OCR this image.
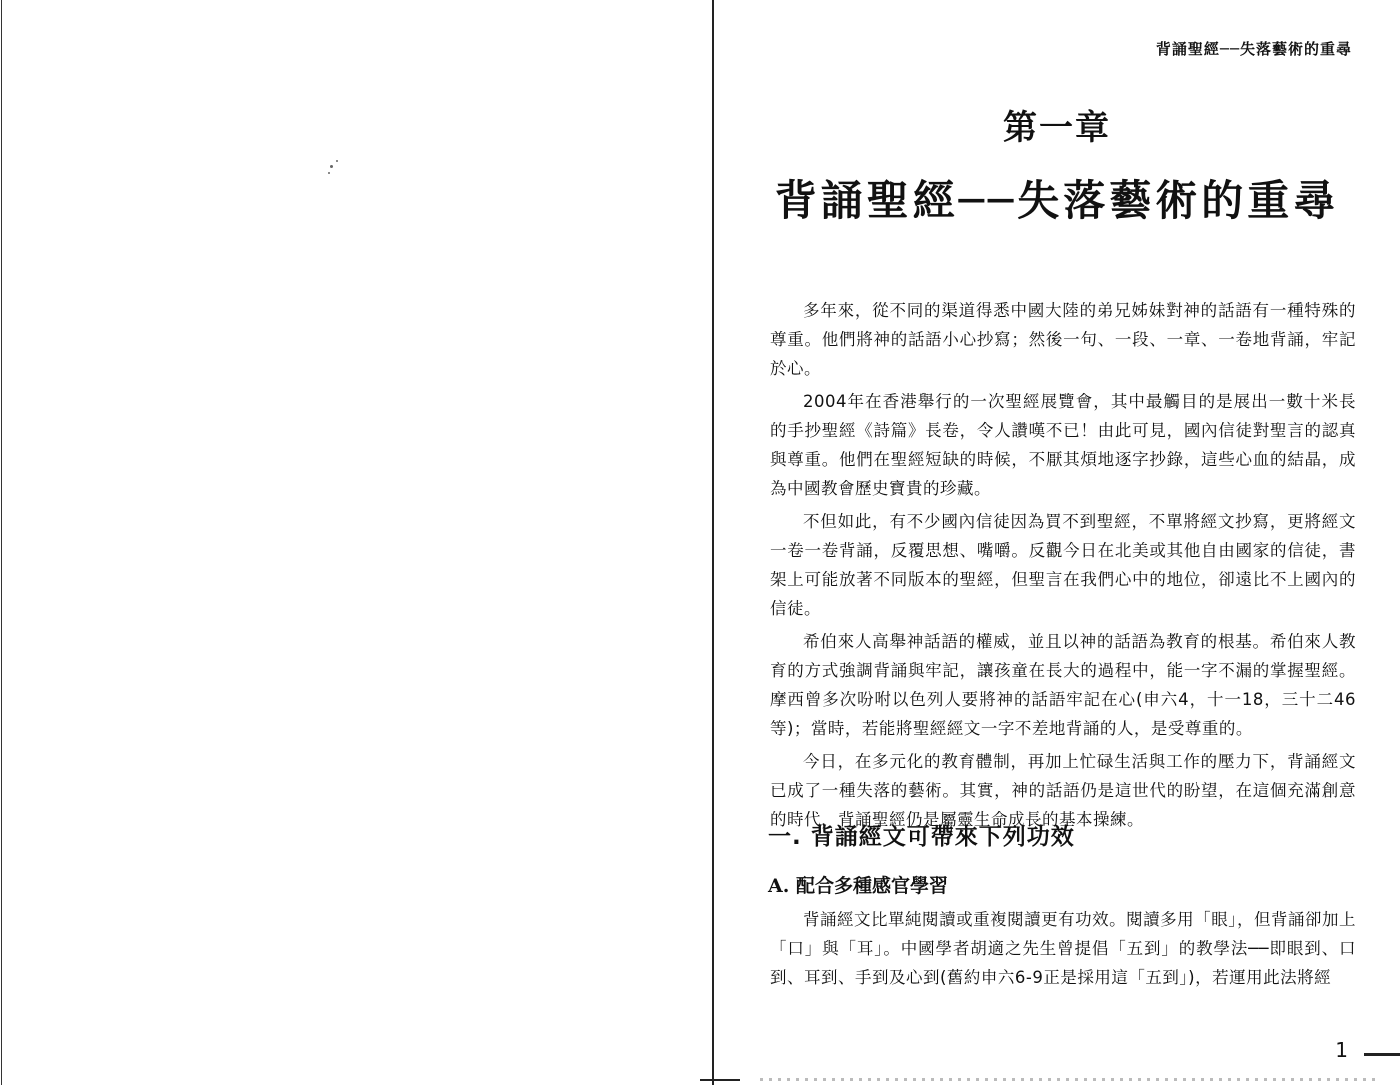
背誦聖經──失落藝術的重尋
第一章
背誦聖經──失落藝術的重尋

多年來，從不同的渠道得悉中國大陸的弟兄姊妹對神的話語有一種特殊的尊重。他們將神的話語小心抄寫；然後一句、一段、一章、一卷地背誦，牢記於心。

2004年在香港舉行的一次聖經展覽會，其中最觸目的是展出一數十米長的手抄聖經《詩篇》長卷，令人讚嘆不已！由此可見，國內信徒對聖言的認真與尊重。他們在聖經短缺的時候，不厭其煩地逐字抄錄，這些心血的結晶，成為中國教會歷史寶貴的珍藏。

不但如此，有不少國內信徒因為買不到聖經，不單將經文抄寫，更將經文一卷一卷背誦，反覆思想、嘴嚼。反觀今日在北美或其他自由國家的信徒，書架上可能放著不同版本的聖經，但聖言在我們心中的地位，卻遠比不上國內的信徒。

希伯來人高舉神話語的權威，並且以神的話語為教育的根基。希伯來人教育的方式強調背誦與牢記，讓孩童在長大的過程中，能一字不漏的掌握聖經。摩西曾多次吩咐以色列人要將神的話語牢記在心(申六4，十一18，三十二46等)；當時，若能將聖經經文一字不差地背誦的人，是受尊重的。

今日，在多元化的教育體制，再加上忙碌生活與工作的壓力下，背誦經文已成了一種失落的藝術。其實，神的話語仍是這世代的盼望，在這個充滿創意的時代，背誦聖經仍是屬靈生命成長的基本操練。

一. 背誦經文可帶來下列功效
A. 配合多種感官學習

背誦經文比單純閱讀或重複閱讀更有功效。閱讀多用「眼」，但背誦卻加上「口」與「耳」。中國學者胡適之先生曾提倡「五到」的教學法──即眼到、口到、耳到、手到及心到(舊約申六6-9正是採用這「五到」)，若運用此法將經

1
